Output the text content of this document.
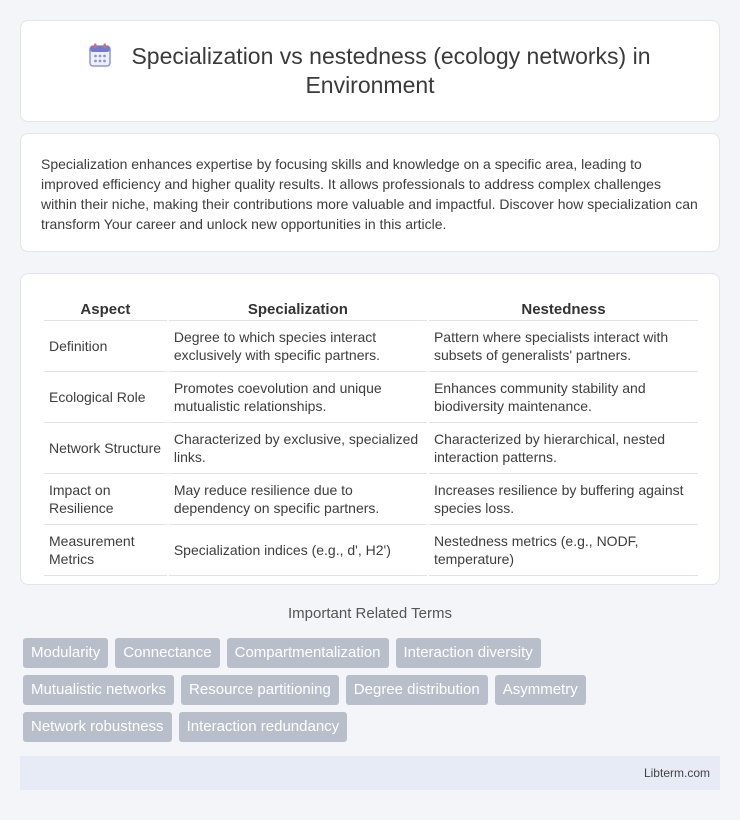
Specialization vs nestedness (ecology networks) in Environment

Specialization enhances expertise by focusing skills and knowledge on a specific area, leading to improved efficiency and higher quality results. It allows professionals to address complex challenges within their niche, making their contributions more valuable and impactful. Discover how specialization can transform Your career and unlock new opportunities in this article.

Aspect	Specialization	Nestedness
Definition	Degree to which species interact exclusively with specific partners.	Pattern where specialists interact with subsets of generalists' partners.
Ecological Role	Promotes coevolution and unique mutualistic relationships.	Enhances community stability and biodiversity maintenance.
Network Structure	Characterized by exclusive, specialized links.	Characterized by hierarchical, nested interaction patterns.
Impact on Resilience	May reduce resilience due to dependency on specific partners.	Increases resilience by buffering against species loss.
Measurement Metrics	Specialization indices (e.g., d', H2')	Nestedness metrics (e.g., NODF, temperature)
Important Related Terms
Modularity	Connectance	Compartmentalization	Interaction diversity
Mutualistic networks	Resource partitioning	Degree distribution	Asymmetry
Network robustness	Interaction redundancy
Libterm.com
